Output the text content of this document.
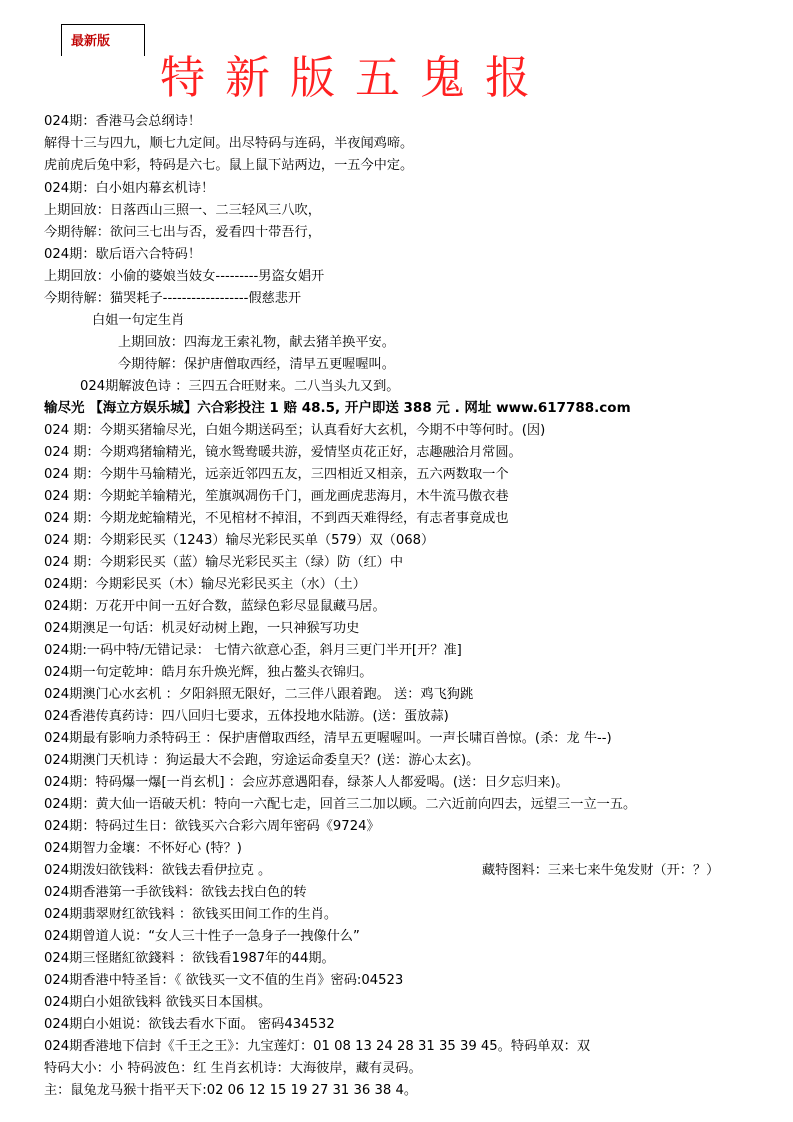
最新版
特新版五鬼报
024期：香港马会总纲诗！
解得十三与四九，顺七九定间。出尽特码与连码，半夜闻鸡啼。
虎前虎后兔中彩，特码是六七。鼠上鼠下站两边，一五今中定。
024期：白小姐内幕玄机诗！
上期回放：日落西山三照一、二三轻风三八吹，
今期待解：欲问三七出与否，爱看四十带吾行，
024期：歇后语六合特码！
上期回放：小偷的婆娘当妓女---------男盗女娼开
今期待解：猫哭耗子------------------假慈悲开
白姐一句定生肖
上期回放：四海龙王索礼物，献去猪羊换平安。
今期待解：保护唐僧取西经，清早五更喔喔叫。
024期解波色诗 ：三四五合旺财来。二八当头九又到。
输尽光 【海立方娱乐城】六合彩投注 1 赔 48.5, 开户即送 388 元 . 网址 www.617788.com
024 期：今期买猪输尽光，白姐今期送码至；认真看好大玄机，今期不中等何时。(因)
024 期：今期鸡猪输精光，镜水鸳鸯暖共游，爱情坚贞花正好，志趣融洽月常圆。
024 期：今期牛马输精光，远亲近邻四五友，三四相近又相亲，五六两数取一个
024 期：今期蛇羊输精光，笙旗飒凋伤千门，画龙画虎悲海月，木牛流马傲衣巷
024 期：今期龙蛇输精光，不见棺材不掉泪，不到西天难得经，有志者事竟成也
024 期：今期彩民买（1243）输尽光彩民买单（579）双（068）
024 期：今期彩民买（蓝）输尽光彩民买主（绿）防（红）中
024期：今期彩民买（木）输尽光彩民买主（水）（土）
024期：万花开中间一五好合数，蓝绿色彩尽显鼠藏马居。
024期澳足一句话：机灵好动树上跑，一只神猴写功史
024期:一码中特/无错记录： 七情六欲意心歪，斜月三更门半开[开？准]
024期一句定乾坤：皓月东升焕光辉，独占鳌头衣锦归。
024期澳门心水玄机 ：夕阳斜照无限好，二三伴八跟着跑。 送：鸡飞狗跳
024香港传真药诗：四八回归七要求，五体投地水陆游。(送：蛋放蒜)
024期最有影响力杀特码王 ：保护唐僧取西经，清早五更喔喔叫。一声长啸百兽惊。(杀：龙 牛--)
024期澳门天机诗 ：狗运最大不会跑，穷途运命委皇天？(送：游心太玄)。
024期：特码爆一爆[一肖玄机] ：会应苏意遇阳春，绿茶人人都爱喝。(送：日夕忘归来)。
024期：黄大仙一语破天机：特向一六配七走，回首三二加以顾。二六近前向四去，远望三一立一五。
024期：特码过生日：欲钱买六合彩六周年密码《9724》
024期智力金壤：不怀好心 (特？)
024期泼妇欲钱料：欲钱去看伊拉克 。	藏特图料：三来七来牛兔发财（开：？）
024期香港第一手欲钱料：欲钱去找白色的转
024期翡翠财红欲钱料 ：欲钱买田间工作的生肖。
024期曾道人说：“女人三十性子一急身子一拽像什么”
024期三怪賭紅欲錢料 ：欲钱看1987年的44期。
024期香港中特圣旨：《 欲钱买一文不值的生肖》密码:04523
024期白小姐欲钱料 欲钱买日本国棋。
024期白小姐说：欲钱去看水下面。 密码434532
024期香港地下信封《千王之王》：九宝莲灯：01 08 13 24 28 31 35 39 45。特码单双：双
特码大小：小 特码波色：红 生肖玄机诗：大海彼岸，藏有灵码。
主：鼠兔龙马猴十指平天下:02 06 12 15 19 27 31 36 38 4。
